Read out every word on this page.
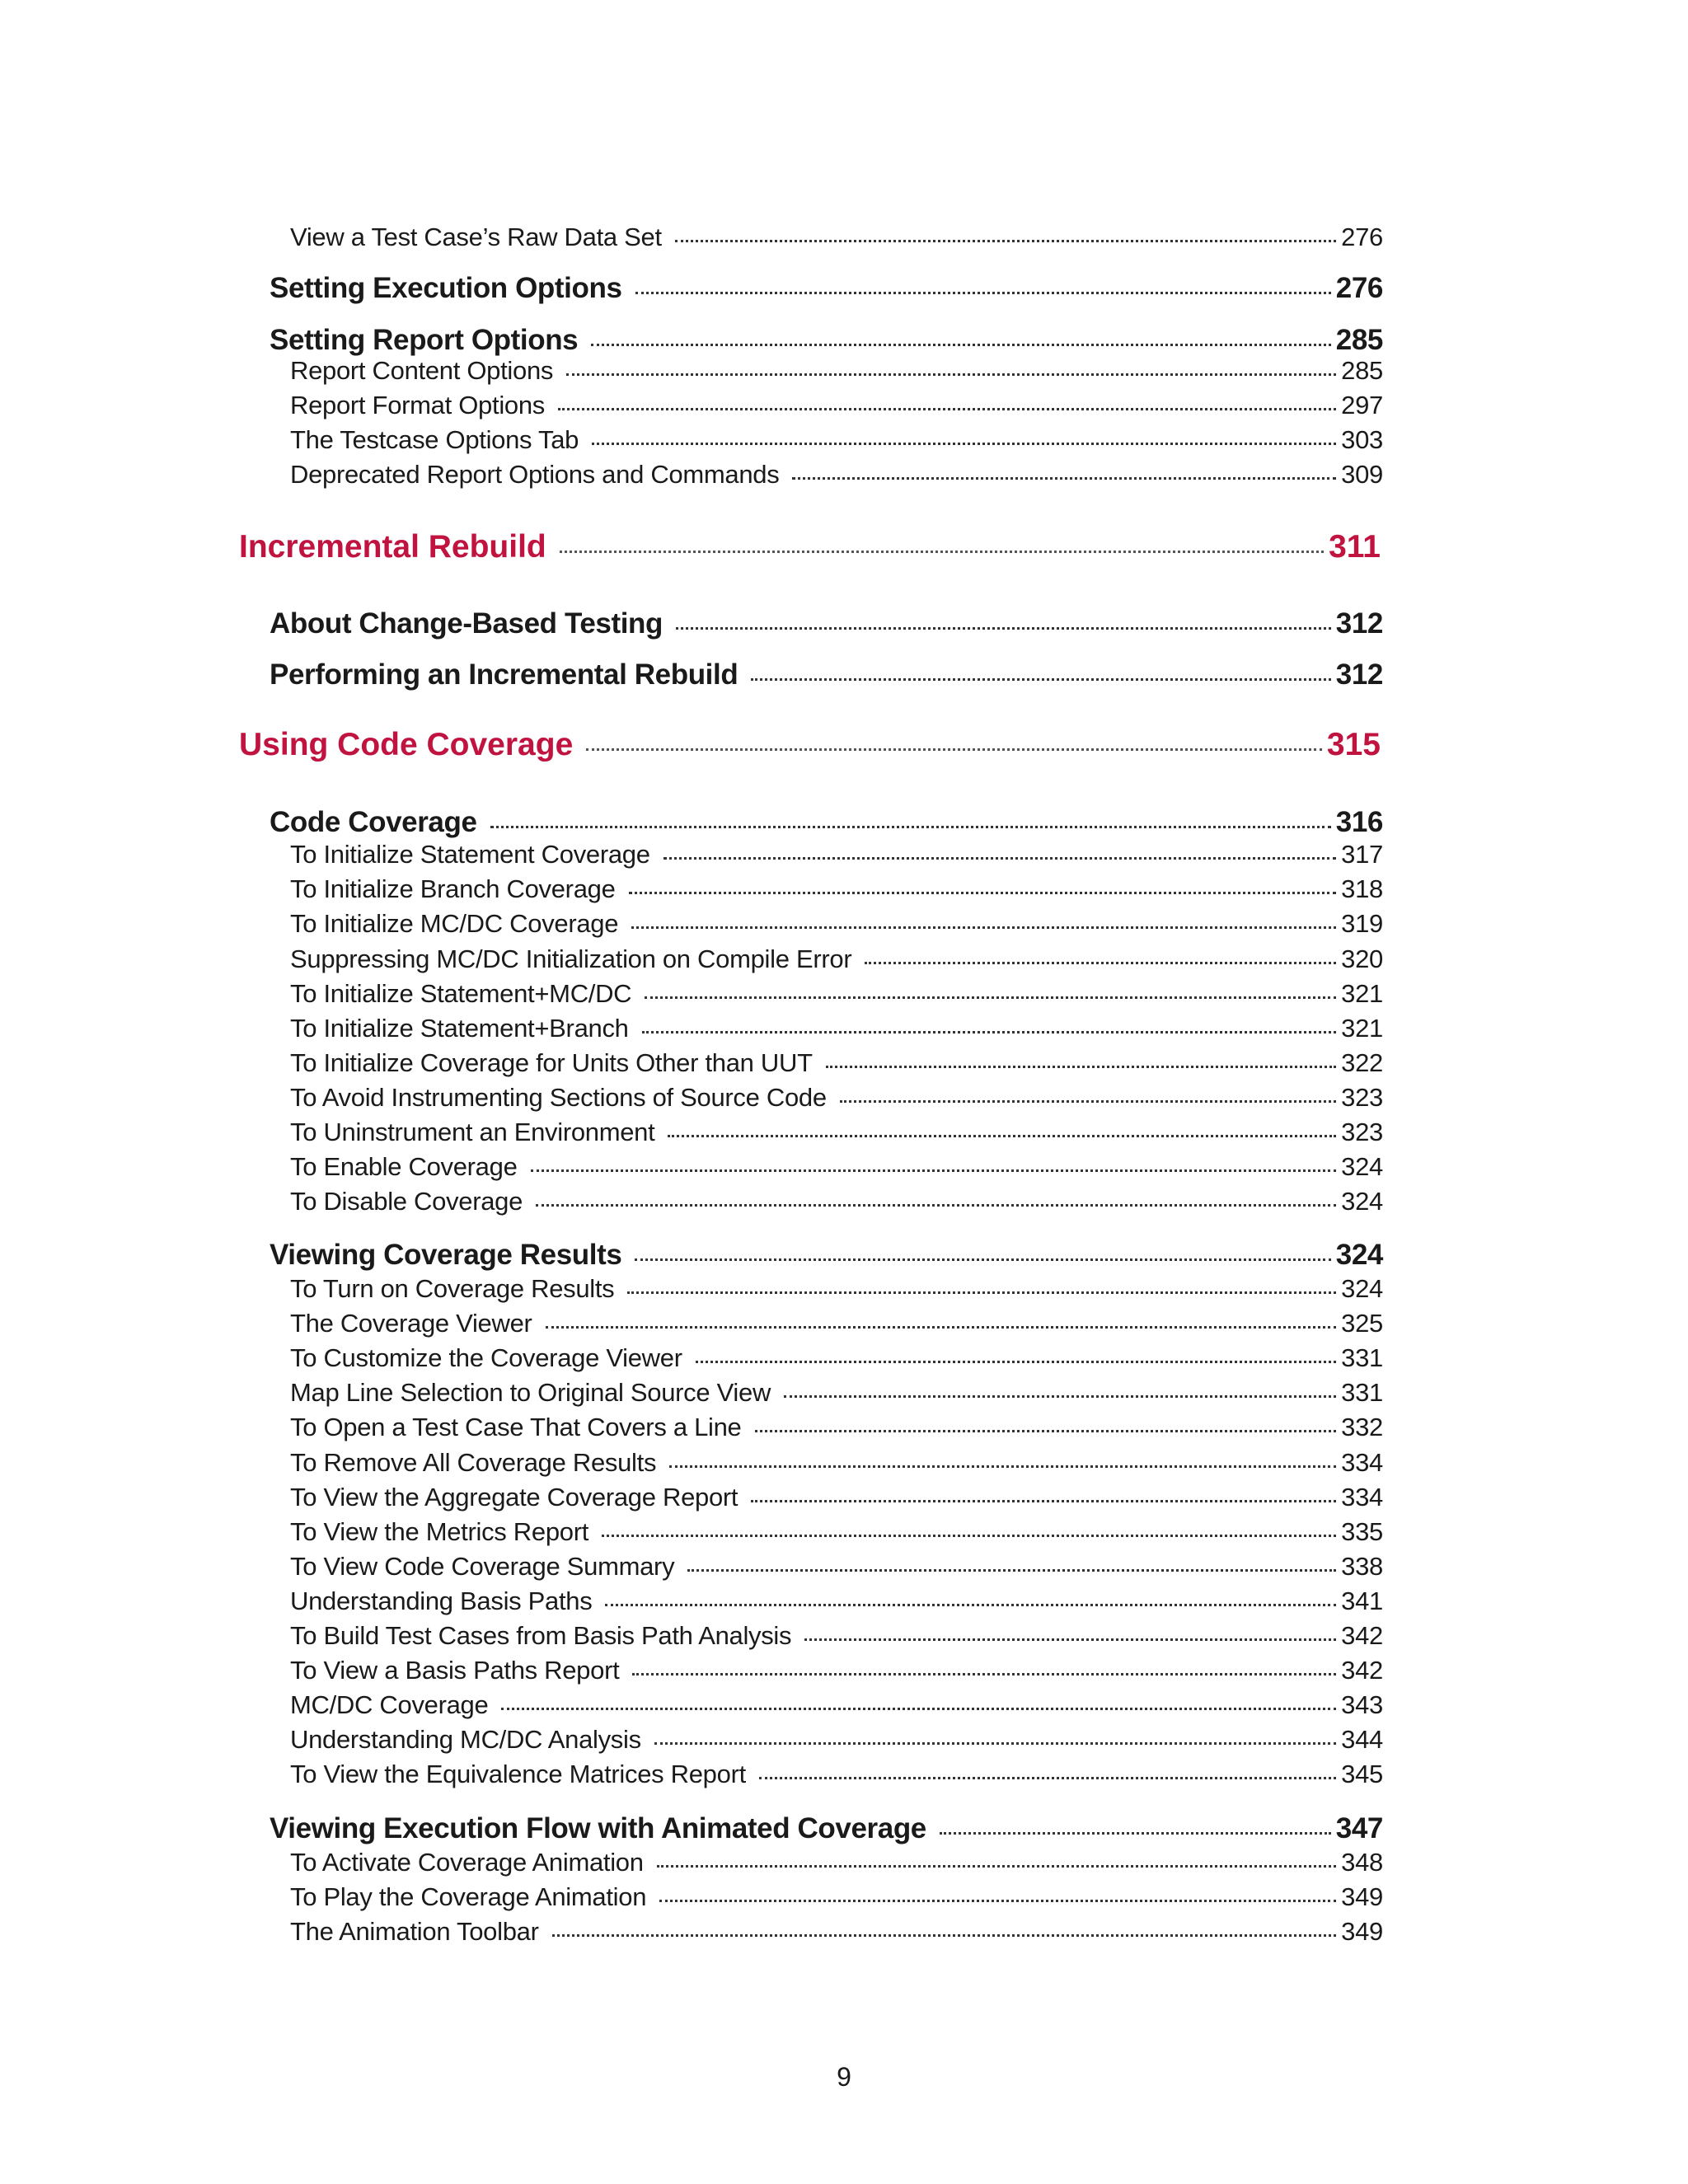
View a Test Case’s Raw Data Set	276
Setting Execution Options	276
Setting Report Options	285
Report Content Options	285
Report Format Options	297
The Testcase Options Tab	303
Deprecated Report Options and Commands	309
Incremental Rebuild	311
About Change-Based Testing	312
Performing an Incremental Rebuild	312
Using Code Coverage	315
Code Coverage	316
To Initialize Statement Coverage	317
To Initialize Branch Coverage	318
To Initialize MC/DC Coverage	319
Suppressing MC/DC Initialization on Compile Error	320
To Initialize Statement+MC/DC	321
To Initialize Statement+Branch	321
To Initialize Coverage for Units Other than UUT	322
To Avoid Instrumenting Sections of Source Code	323
To Uninstrument an Environment	323
To Enable Coverage	324
To Disable Coverage	324
Viewing Coverage Results	324
To Turn on Coverage Results	324
The Coverage Viewer	325
To Customize the Coverage Viewer	331
Map Line Selection to Original Source View	331
To Open a Test Case That Covers a Line	332
To Remove All Coverage Results	334
To View the Aggregate Coverage Report	334
To View the Metrics Report	335
To View Code Coverage Summary	338
Understanding Basis Paths	341
To Build Test Cases from Basis Path Analysis	342
To View a Basis Paths Report	342
MC/DC Coverage	343
Understanding MC/DC Analysis	344
To View the Equivalence Matrices Report	345
Viewing Execution Flow with Animated Coverage	347
To Activate Coverage Animation	348
To Play the Coverage Animation	349
The Animation Toolbar	349
9
